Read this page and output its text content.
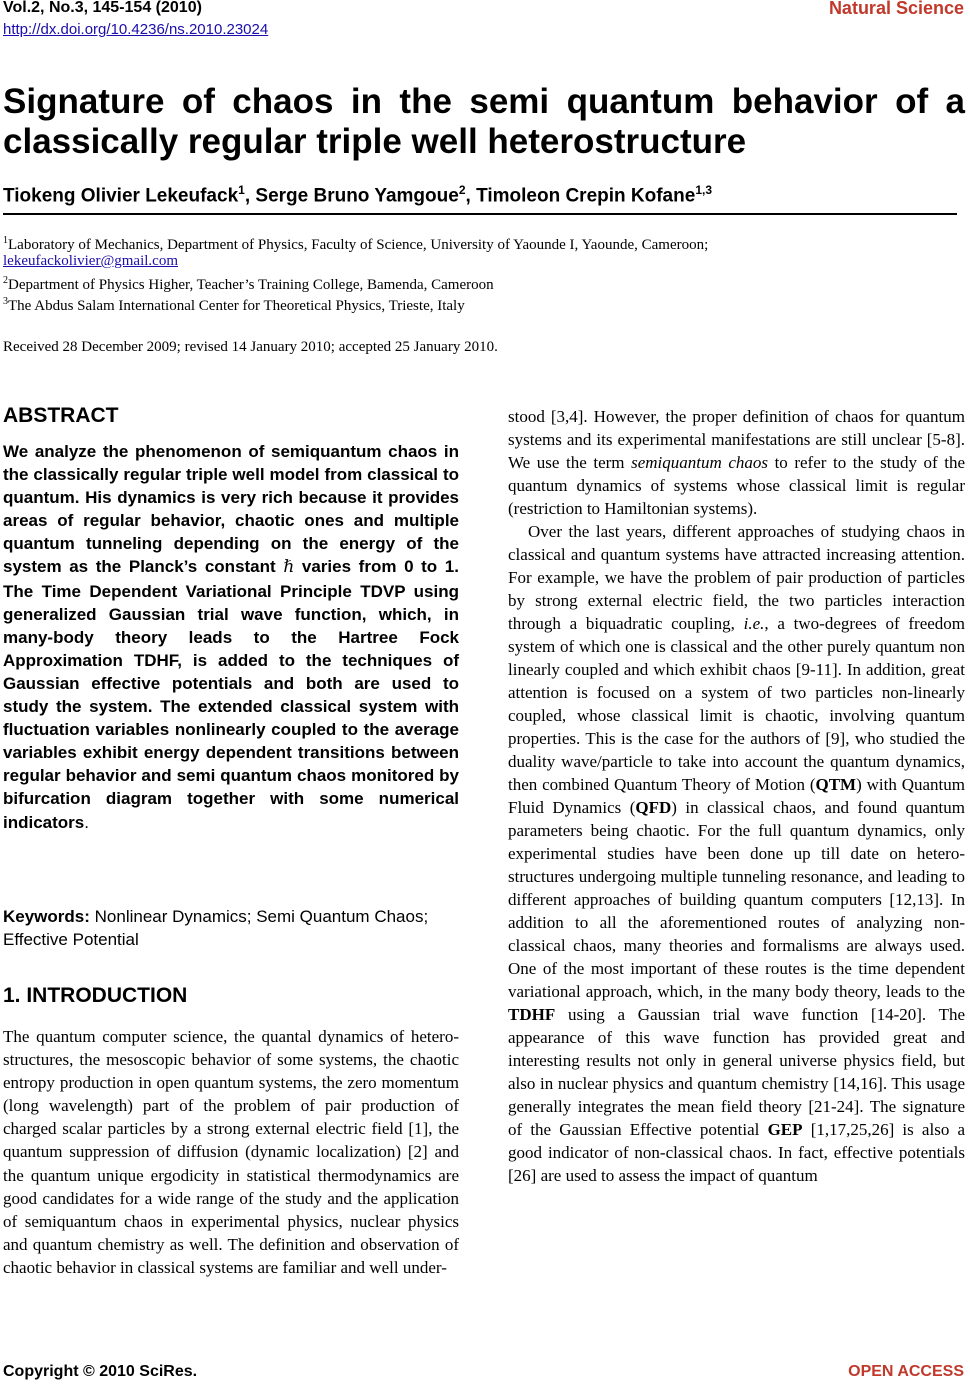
Vol.2, No.3, 145-154 (2010)
http://dx.doi.org/10.4236/ns.2010.23024
Natural Science
Signature of chaos in the semi quantum behavior of a classically regular triple well heterostructure
Tiokeng Olivier Lekeufack$^1$, Serge Bruno Yamgoue$^2$, Timoleon Crepin Kofane$^{1,3}$
$^1$Laboratory of Mechanics, Department of Physics, Faculty of Science, University of Yaounde I, Yaounde, Cameroon;
lekeufackolivier@gmail.com
$^2$Department of Physics Higher, Teacher’s Training College, Bamenda, Cameroon
$^3$The Abdus Salam International Center for Theoretical Physics, Trieste, Italy
Received 28 December 2009; revised 14 January 2010; accepted 25 January 2010.
ABSTRACT
We analyze the phenomenon of semiquantum chaos in the classically regular triple well model from classical to quantum. His dynamics is very rich because it provides areas of regular behavior, chaotic ones and multiple quantum tunneling depending on the energy of the system as the Planck’s constant ℏ varies from 0 to 1. The Time Dependent Variational Principle TDVP using generalized Gaussian trial wave function, which, in many-body theory leads to the Hartree Fock Approximation TDHF, is added to the techniques of Gaussian effective potentials and both are used to study the system. The extended classical system with fluctuation variables nonlinearly coupled to the average variables exhibit energy dependent transitions between regular behavior and semi quantum chaos monitored by bifurcation diagram together with some numerical indicators.
Keywords: Nonlinear Dynamics; Semi Quantum Chaos; Effective Potential
1. INTRODUCTION
The quantum computer science, the quantal dynamics of hetero-structures, the mesoscopic behavior of some systems, the chaotic entropy production in open quantum systems, the zero momentum (long wavelength) part of the problem of pair production of charged scalar particles by a strong external electric field [1], the quantum suppression of diffusion (dynamic localization) [2] and the quantum unique ergodicity in statistical thermodynamics are good candidates for a wide range of the study and the application of semiquantum chaos in experimental physics, nuclear physics and quantum chemistry as well. The definition and observation of chaotic behavior in classical systems are familiar and well under-

stood [3,4]. However, the proper definition of chaos for quantum systems and its experimental manifestations are still unclear [5-8]. We use the term semiquantum chaos to refer to the study of the quantum dynamics of systems whose classical limit is regular (restriction to Hamiltonian systems).

Over the last years, different approaches of studying chaos in classical and quantum systems have attracted increasing attention. For example, we have the problem of pair production of particles by strong external electric field, the two particles interaction through a biquadratic coupling, i.e., a two-degrees of freedom system of which one is classical and the other purely quantum non linearly coupled and which exhibit chaos [9-11]. In addition, great attention is focused on a system of two particles non-linearly coupled, whose classical limit is chaotic, involving quantum properties. This is the case for the authors of [9], who studied the duality wave/particle to take into account the quantum dynamics, then combined Quantum Theory of Motion (QTM) with Quantum Fluid Dynamics (QFD) in classical chaos, and found quantum parameters being chaotic. For the full quantum dynamics, only experimental studies have been done up till date on hetero-structures undergoing multiple tunneling resonance, and leading to different approaches of building quantum computers [12,13]. In addition to all the aforementioned routes of analyzing non-classical chaos, many theories and formalisms are always used. One of the most important of these routes is the time dependent variational approach, which, in the many body theory, leads to the TDHF using a Gaussian trial wave function [14-20]. The appearance of this wave function has provided great and interesting results not only in general universe physics field, but also in nuclear physics and quantum chemistry [14,16]. This usage generally integrates the mean field theory [21-24]. The signature of the Gaussian Effective potential GEP [1,17,25,26] is also a good indicator of non-classical chaos. In fact, effective potentials [26] are used to assess the impact of quantum

Copyright © 2010 SciRes.	OPEN ACCESS
